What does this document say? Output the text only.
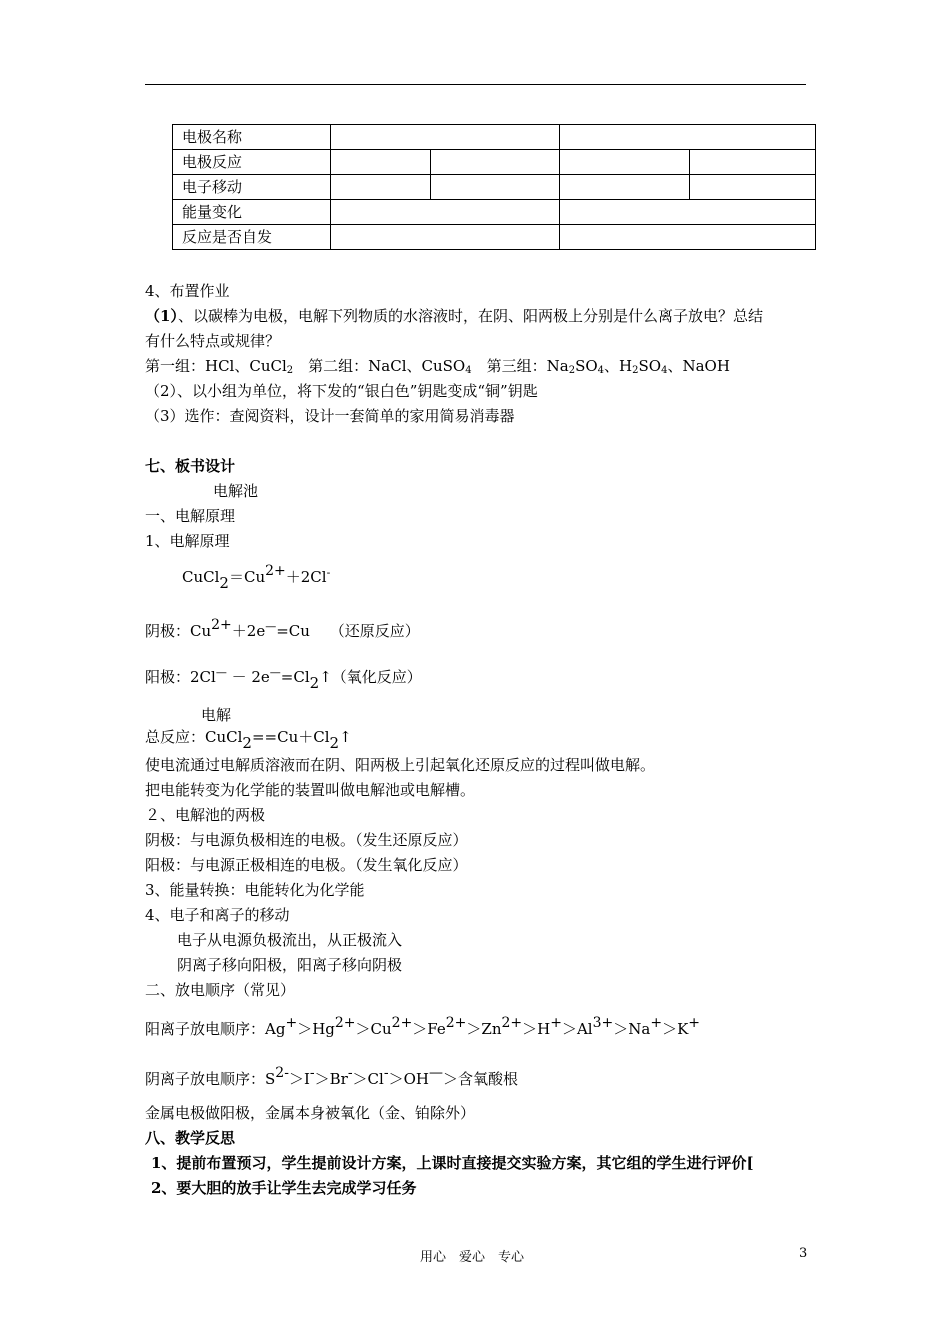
电极名称				
电极反应				
电子移动				
能量变化				
反应是否自发				
4、布置作业
（1）、以碳棒为电极，电解下列物质的水溶液时，在阴、阳两极上分别是什么离子放电？总结
有什么特点或规律？
第一组：HCl、CuCl$_2$　 第二组：NaCl、CuSO$_4$　 第三组：$Na_2SO_4$、$H_2SO_4$、NaOH
（2）、以小组为单位，将下发的“银白色”钥匙变成“铜”钥匙
（3）选作：查阅资料，设计一套简单的家用简易消毒器
七、板书设计
电解池
一、电解原理
1、电解原理
CuCl2＝Cu2+＋2Cl-
阴极：Cu2+＋2e—=Cu　 （还原反应）
阳极：2Cl— － 2e—=Cl2↑（氧化反应）
电解
总反应：CuCl2==Cu＋Cl2↑
使电流通过电解质溶液而在阴、阳两极上引起氧化还原反应的过程叫做电解。
把电能转变为化学能的装置叫做电解池或电解槽。
２、电解池的两极
阴极：与电源负极相连的电极。（发生还原反应）
阳极：与电源正极相连的电极。（发生氧化反应）
3、能量转换：电能转化为化学能
4、电子和离子的移动
电子从电源负极流出，从正极流入
阴离子移向阳极，阳离子移向阴极
二、放电顺序（常见）
阳离子放电顺序：Ag+＞Hg2+＞Cu2+＞Fe2+＞Zn2+＞H+＞Al3+＞Na+＞K+
阴离子放电顺序：S2-＞I-＞Br-＞Cl-＞OH—＞含氧酸根
金属电极做阳极，金属本身被氧化（金、铂除外）
八、教学反思
1、提前布置预习，学生提前设计方案，上课时直接提交实验方案，其它组的学生进行评价[
2、要大胆的放手让学生去完成学习任务
用心　爱心　专心	3
